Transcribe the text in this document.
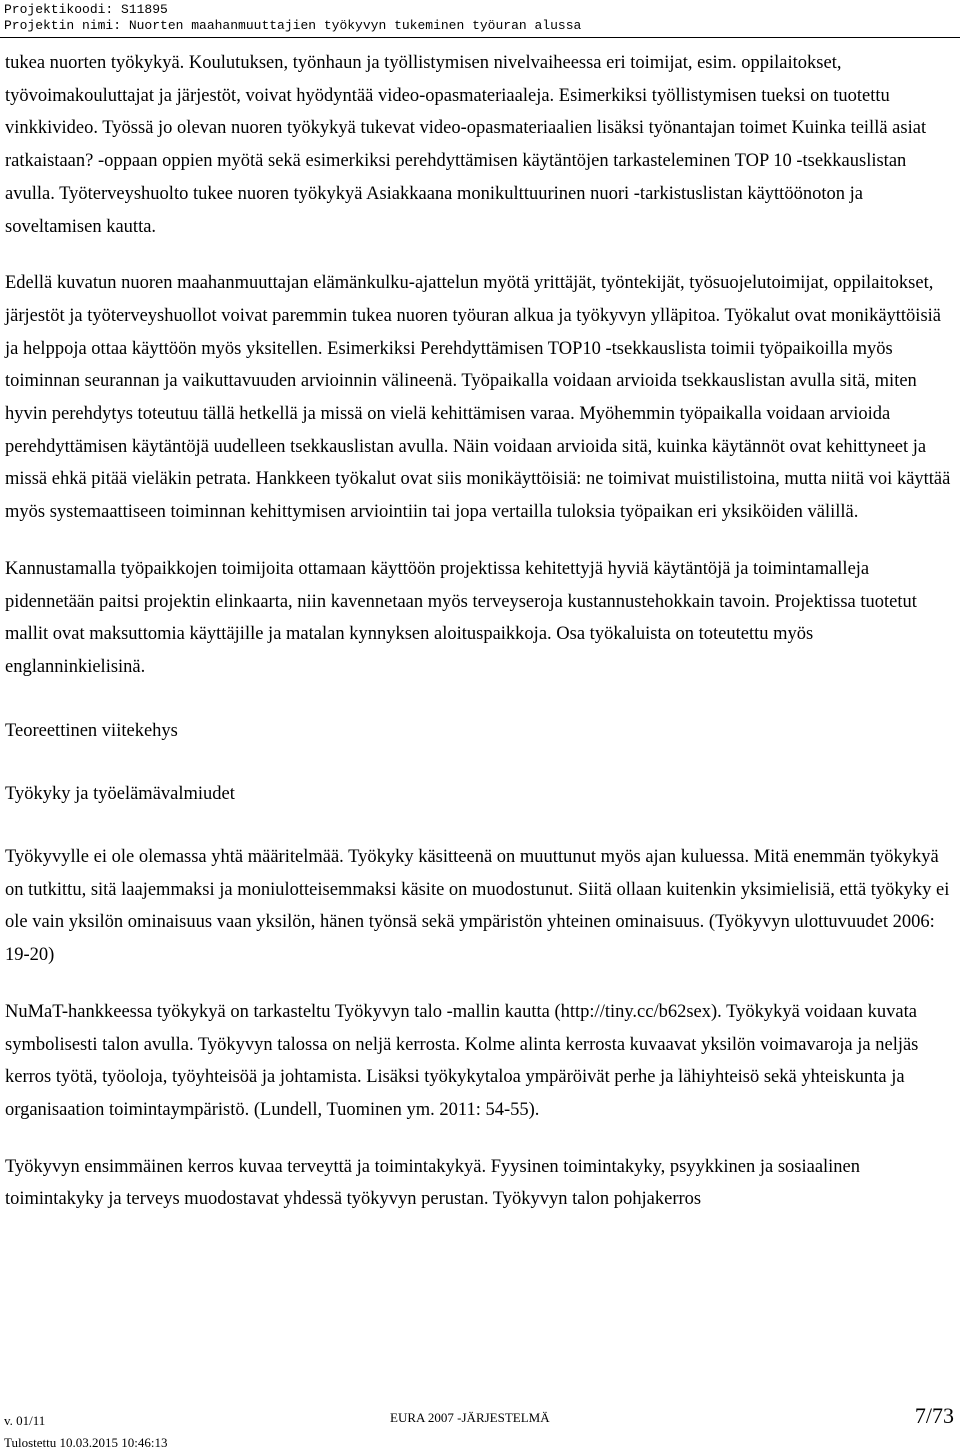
Projektikoodi: S11895
Projektin nimi: Nuorten maahanmuuttajien työkyvyn tukeminen työuran alussa

tukea nuorten työkykyä. Koulutuksen, työnhaun ja työllistymisen nivelvaiheessa eri toimijat, esim. oppilaitokset, työvoimakouluttajat ja järjestöt, voivat hyödyntää video-opasmateriaaleja. Esimerkiksi työllistymisen tueksi on tuotettu vinkkivideo. Työssä jo olevan nuoren työkykyä tukevat video-opasmateriaalien lisäksi työnantajan toimet Kuinka teillä asiat ratkaistaan? -oppaan oppien myötä sekä esimerkiksi perehdyttämisen käytäntöjen tarkasteleminen TOP 10 -tsekkauslistan avulla. Työterveyshuolto tukee nuoren työkykyä Asiakkaana monikulttuurinen nuori -tarkistuslistan käyttöönoton ja soveltamisen kautta.

Edellä kuvatun nuoren maahanmuuttajan elämänkulku-ajattelun myötä yrittäjät, työntekijät, työsuojelutoimijat, oppilaitokset, järjestöt ja työterveyshuollot voivat paremmin tukea nuoren työuran alkua ja työkyvyn ylläpitoa. Työkalut ovat monikäyttöisiä ja helppoja ottaa käyttöön myös yksitellen. Esimerkiksi Perehdyttämisen TOP10 -tsekkauslista toimii työpaikoilla myös toiminnan seurannan ja vaikuttavuuden arvioinnin välineenä. Työpaikalla voidaan arvioida tsekkauslistan avulla sitä, miten hyvin perehdytys toteutuu tällä hetkellä ja missä on vielä kehittämisen varaa. Myöhemmin työpaikalla voidaan arvioida perehdyttämisen käytäntöjä uudelleen tsekkauslistan avulla. Näin voidaan arvioida sitä, kuinka käytännöt ovat kehittyneet ja missä ehkä pitää vieläkin petrata. Hankkeen työkalut ovat siis monikäyttöisiä: ne toimivat muistilistoina, mutta niitä voi käyttää myös systemaattiseen toiminnan kehittymisen arviointiin tai jopa vertailla tuloksia työpaikan eri yksiköiden välillä.

Kannustamalla työpaikkojen toimijoita ottamaan käyttöön projektissa kehitettyjä hyviä käytäntöjä ja toimintamalleja pidennetään paitsi projektin elinkaarta, niin kavennetaan myös terveyseroja kustannustehokkain tavoin. Projektissa tuotetut mallit ovat maksuttomia käyttäjille ja matalan kynnyksen aloituspaikkoja. Osa työkaluista on toteutettu myös englanninkielisinä.

Teoreettinen viitekehys

Työkyky ja työelämävalmiudet

Työkyvylle ei ole olemassa yhtä määritelmää. Työkyky käsitteenä on muuttunut myös ajan kuluessa. Mitä enemmän työkykyä on tutkittu, sitä laajemmaksi ja moniulotteisemmaksi käsite on muodostunut. Siitä ollaan kuitenkin yksimielisiä, että työkyky ei ole vain yksilön ominaisuus vaan yksilön, hänen työnsä sekä ympäristön yhteinen ominaisuus. (Työkyvyn ulottuvuudet 2006: 19-20)

NuMaT-hankkeessa työkykyä on tarkasteltu Työkyvyn talo -mallin kautta (http://tiny.cc/b62sex). Työkykyä voidaan kuvata symbolisesti talon avulla. Työkyvyn talossa on neljä kerrosta. Kolme alinta kerrosta kuvaavat yksilön voimavaroja ja neljäs kerros työtä, työoloja, työyhteisöä ja johtamista. Lisäksi työkykytaloa ympäröivät perhe ja lähiyhteisö sekä yhteiskunta ja organisaation toimintaympäristö. (Lundell, Tuominen ym. 2011: 54-55).

Työkyvyn ensimmäinen kerros kuvaa terveyttä ja toimintakykyä. Fyysinen toimintakyky, psyykkinen ja sosiaalinen toimintakyky ja terveys muodostavat yhdessä työkyvyn perustan. Työkyvyn talon pohjakerros

v. 01/11
Tulostettu 10.03.2015 10:46:13
EURA 2007 -JÄRJESTELMÄ	7/73
